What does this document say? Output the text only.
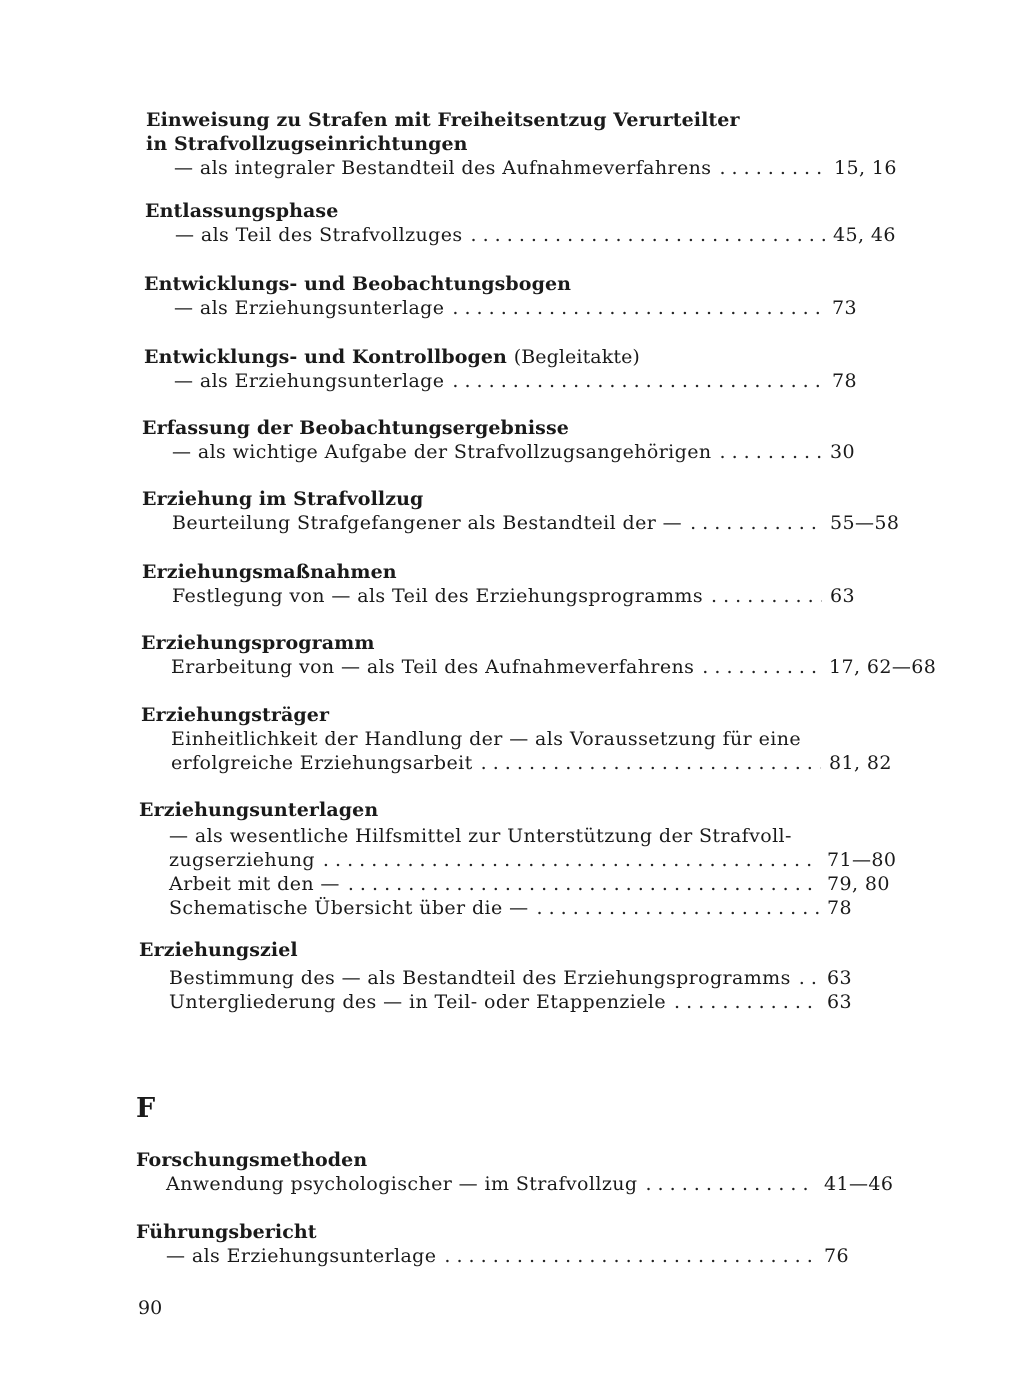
Einweisung zu Strafen mit Freiheitsentzug Verurteilter
in Strafvollzugseinrichtungen
— als integraler Bestandteil des Aufnahmeverfahrens . . .	15, 16
Entlassungsphase
— als Teil des Strafvollzuges . . .	45, 46
Entwicklungs- und Beobachtungsbogen
— als Erziehungsunterlage . . .	73
Entwicklungs- und Kontrollbogen (Begleitakte)
— als Erziehungsunterlage . . .	78
Erfassung der Beobachtungsergebnisse
— als wichtige Aufgabe der Strafvollzugsangehörigen . . .	30
Erziehung im Strafvollzug
Beurteilung Strafgefangener als Bestandteil der — . . .	55—58
Erziehungsmaßnahmen
Festlegung von — als Teil des Erziehungsprogramms . . .	63
Erziehungsprogramm
Erarbeitung von — als Teil des Aufnahmeverfahrens . . .	17, 62—68
Erziehungsträger
Einheitlichkeit der Handlung der — als Voraussetzung für eine
erfolgreiche Erziehungsarbeit . . .	81, 82
Erziehungsunterlagen
— als wesentliche Hilfsmittel zur Unterstützung der Strafvoll-
zugserziehung . . .	71—80
Arbeit mit den — . . .	79, 80
Schematische Übersicht über die — . . .	78
Erziehungsziel
Bestimmung des — als Bestandteil des Erziehungsprogramms . . . 63
Untergliederung des — in Teil- oder Etappenziele . . .	63
F
Forschungsmethoden
Anwendung psychologischer — im Strafvollzug . . .	41—46
Führungsbericht
— als Erziehungsunterlage . . .	76
90
